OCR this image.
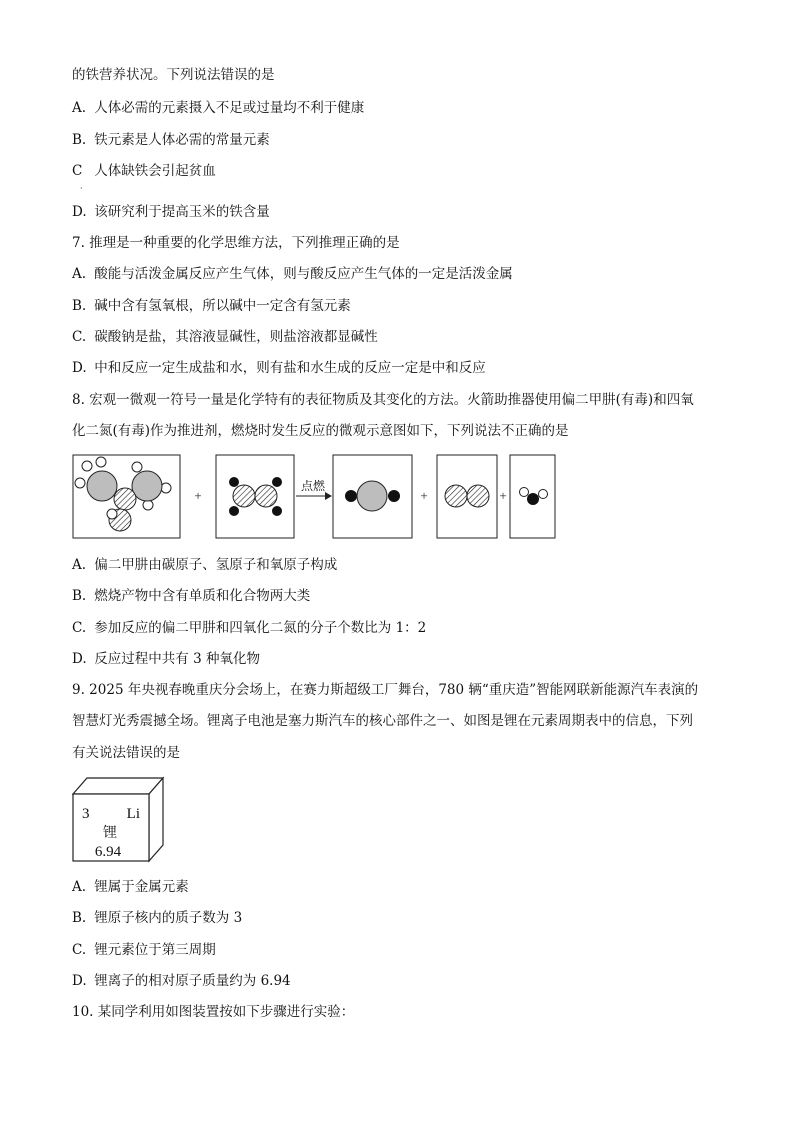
的铁营养状况。下列说法错误的是
A. 人体必需的元素摄入不足或过量均不利于健康
B. 铁元素是人体必需的常量元素
C 人体缺铁会引起贫血
·
D. 该研究利于提高玉米的铁含量
7. 推理是一种重要的化学思维方法，下列推理正确的是
A. 酸能与活泼金属反应产生气体，则与酸反应产生气体的一定是活泼金属
B. 碱中含有氢氧根，所以碱中一定含有氢元素
C. 碳酸钠是盐，其溶液显碱性，则盐溶液都显碱性
D. 中和反应一定生成盐和水，则有盐和水生成的反应一定是中和反应
8. 宏观一微观一符号一量是化学特有的表征物质及其变化的方法。火箭助推器使用偏二甲肼(有毒)和四氧
化二氮(有毒)作为推进剂，燃烧时发生反应的微观示意图如下，下列说法不正确的是
+
点燃
+	+
A. 偏二甲肼由碳原子、氢原子和氧原子构成
B. 燃烧产物中含有单质和化合物两大类
C. 参加反应的偏二甲肼和四氧化二氮的分子个数比为 1：2
D. 反应过程中共有 3 种氧化物
9. 2025 年央视春晚重庆分会场上，在赛力斯超级工厂舞台，780 辆“重庆造”智能网联新能源汽车表演的
智慧灯光秀震撼全场。锂离子电池是塞力斯汽车的核心部件之一、如图是锂在元素周期表中的信息，下列
有关说法错误的是
3 Li
锂
6.94
A. 锂属于金属元素
B. 锂原子核内的质子数为 3
C. 锂元素位于第三周期
D. 锂离子的相对原子质量约为 6.94
10. 某同学利用如图装置按如下步骤进行实验：
